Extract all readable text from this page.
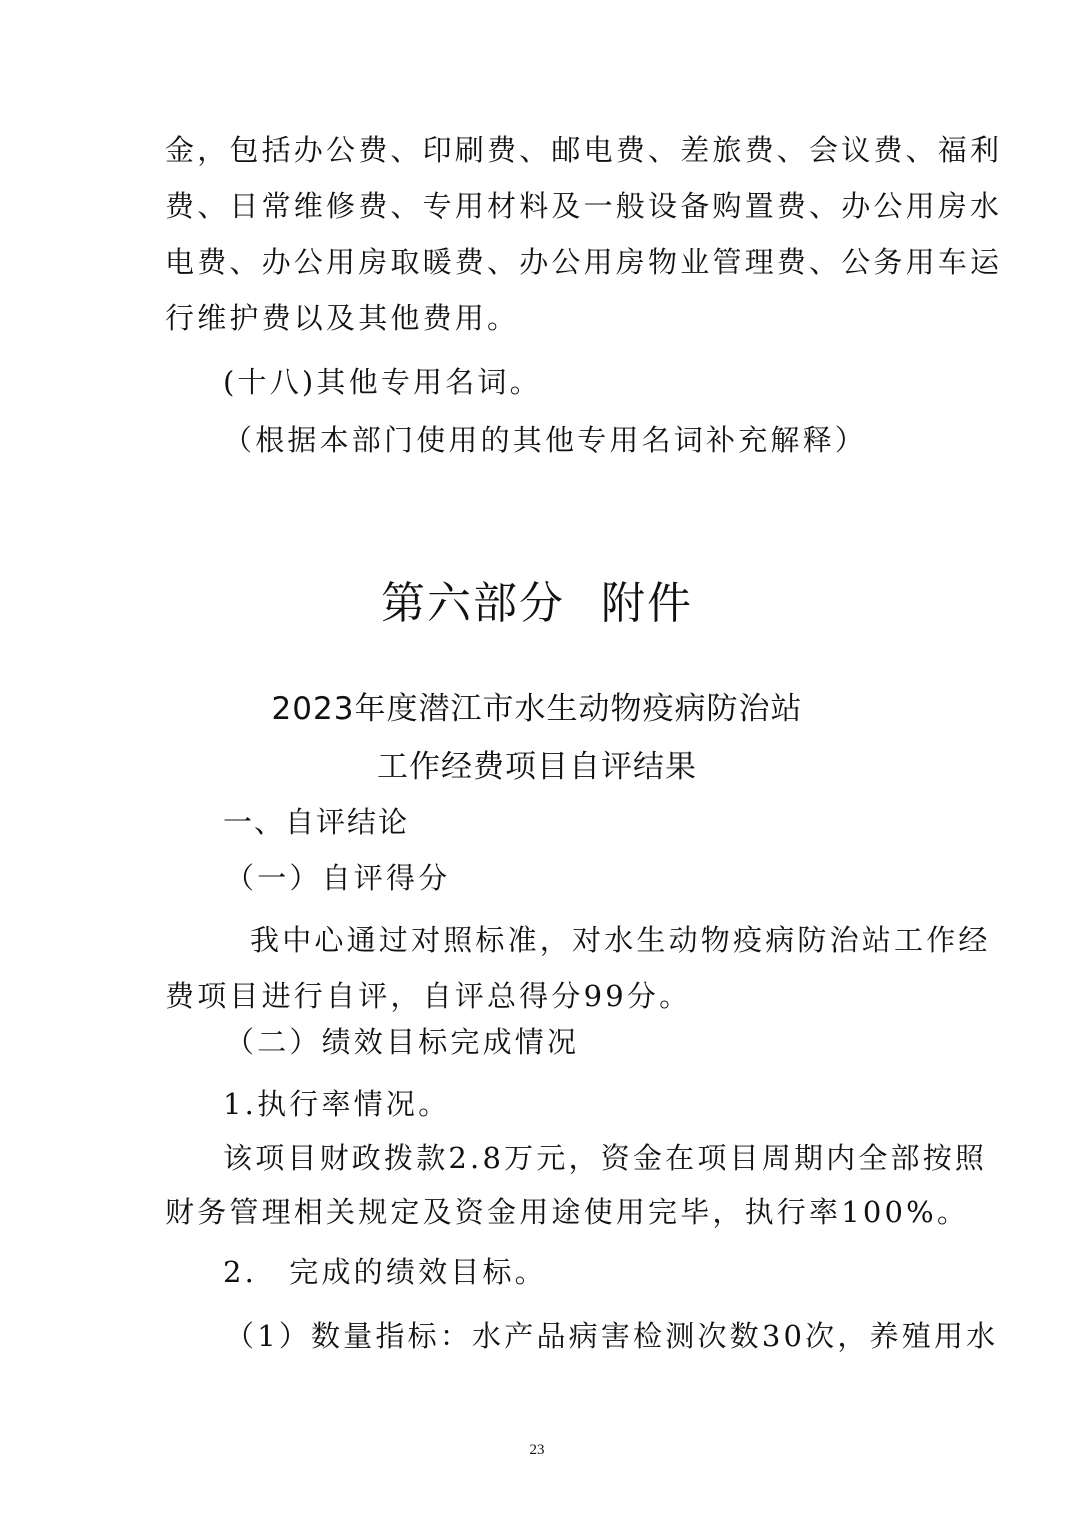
金，包括办公费、印刷费、邮电费、差旅费、会议费、福利
费、日常维修费、专用材料及一般设备购置费、办公用房水
电费、办公用房取暖费、办公用房物业管理费、公务用车运
行维护费以及其他费用。
(十八)其他专用名词。
（根据本部门使用的其他专用名词补充解释）
第六部分 附件
2023年度潜江市水生动物疫病防治站
工作经费项目自评结果
一、自评结论
（一）自评得分
我中心通过对照标准，对水生动物疫病防治站工作经
费项目进行自评，自评总得分99分。
（二）绩效目标完成情况
1.执行率情况。
该项目财政拨款2.8万元，资金在项目周期内全部按照
财务管理相关规定及资金用途使用完毕，执行率100%。
2.　完成的绩效目标。
（1）数量指标：水产品病害检测次数30次，养殖用水
23
